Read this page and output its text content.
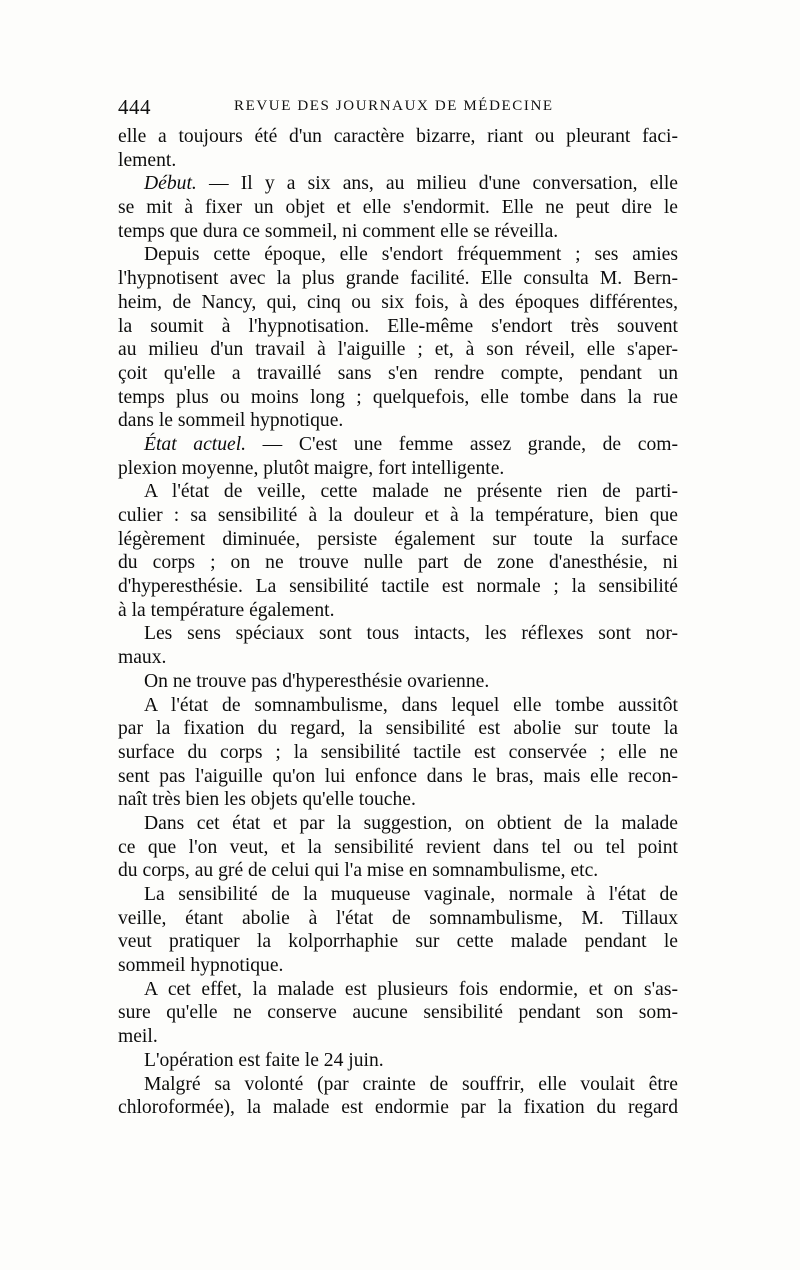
444	REVUE DES JOURNAUX DE MÉDECINE
elle a toujours été d'un caractère bizarre, riant ou pleurant faci-
lement.
Début. — Il y a six ans, au milieu d'une conversation, elle
se mit à fixer un objet et elle s'endormit. Elle ne peut dire le
temps que dura ce sommeil, ni comment elle se réveilla.
Depuis cette époque, elle s'endort fréquemment ; ses amies
l'hypnotisent avec la plus grande facilité. Elle consulta M. Bern-
heim, de Nancy, qui, cinq ou six fois, à des époques différentes,
la soumit à l'hypnotisation. Elle-même s'endort très souvent
au milieu d'un travail à l'aiguille ; et, à son réveil, elle s'aper-
çoit qu'elle a travaillé sans s'en rendre compte, pendant un
temps plus ou moins long ; quelquefois, elle tombe dans la rue
dans le sommeil hypnotique.
État actuel. — C'est une femme assez grande, de com-
plexion moyenne, plutôt maigre, fort intelligente.
A l'état de veille, cette malade ne présente rien de parti-
culier : sa sensibilité à la douleur et à la température, bien que
légèrement diminuée, persiste également sur toute la surface
du corps ; on ne trouve nulle part de zone d'anesthésie, ni
d'hyperesthésie. La sensibilité tactile est normale ; la sensibilité
à la température également.
Les sens spéciaux sont tous intacts, les réflexes sont nor-
maux.
On ne trouve pas d'hyperesthésie ovarienne.
A l'état de somnambulisme, dans lequel elle tombe aussitôt
par la fixation du regard, la sensibilité est abolie sur toute la
surface du corps ; la sensibilité tactile est conservée ; elle ne
sent pas l'aiguille qu'on lui enfonce dans le bras, mais elle recon-
naît très bien les objets qu'elle touche.
Dans cet état et par la suggestion, on obtient de la malade
ce que l'on veut, et la sensibilité revient dans tel ou tel point
du corps, au gré de celui qui l'a mise en somnambulisme, etc.
La sensibilité de la muqueuse vaginale, normale à l'état de
veille, étant abolie à l'état de somnambulisme, M. Tillaux
veut pratiquer la kolporrhaphie sur cette malade pendant le
sommeil hypnotique.
A cet effet, la malade est plusieurs fois endormie, et on s'as-
sure qu'elle ne conserve aucune sensibilité pendant son som-
meil.
L'opération est faite le 24 juin.
Malgré sa volonté (par crainte de souffrir, elle voulait être
chloroformée), la malade est endormie par la fixation du regard
